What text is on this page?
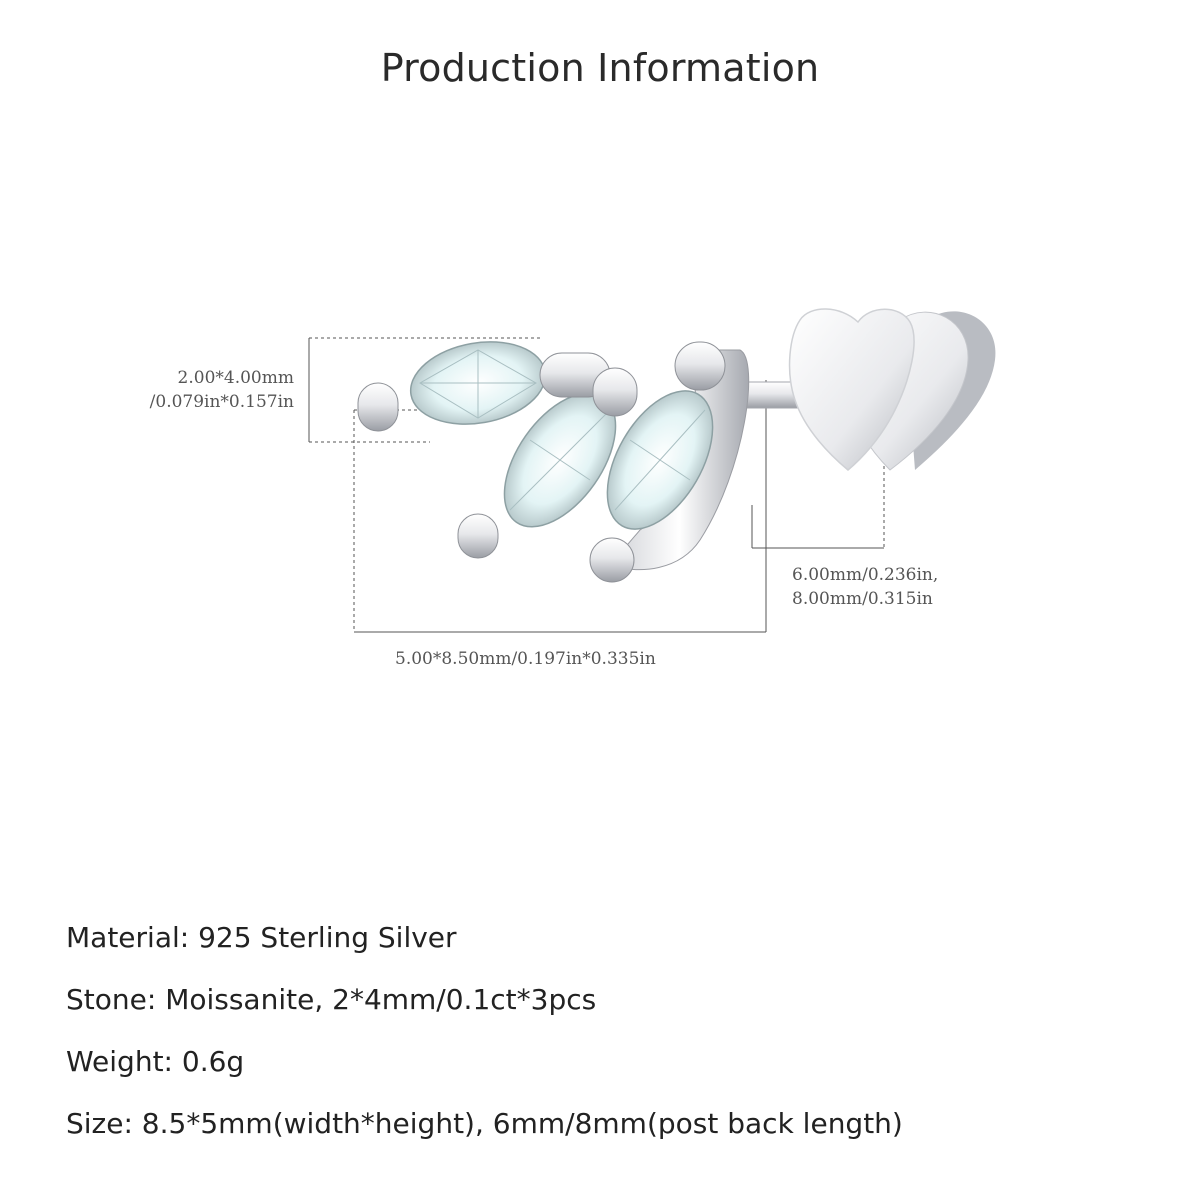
Production Information
2.00*4.00mm
/0.079in*0.157in
6.00mm/0.236in,
8.00mm/0.315in
5.00*8.50mm/0.197in*0.335in
Material: 925 Sterling Silver
Stone: Moissanite, 2*4mm/0.1ct*3pcs
Weight: 0.6g
Size: 8.5*5mm(width*height), 6mm/8mm(post back length)
